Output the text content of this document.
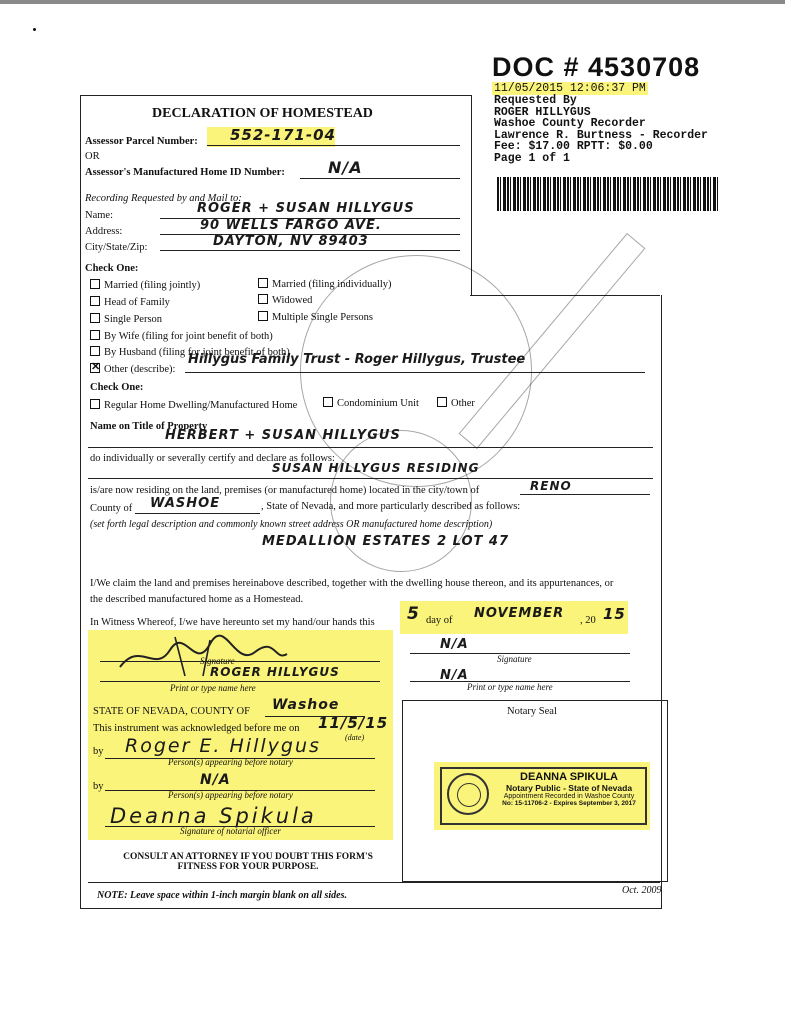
DOC # 4530708
11/05/2015 12:06:37 PM
Requested By
ROGER HILLYGUS
Washoe County Recorder
Lawrence R. Burtness - Recorder
Fee: $17.00 RPTT: $0.00
Page 1 of 1
DECLARATION OF HOMESTEAD
Assessor Parcel Number: 552-171-04
OR
Assessor's Manufactured Home ID Number:	N/A
Recording Requested by and Mail to:
Name:	ROGER + SUSAN HILLYGUS
Address:	90 WELLS FARGO AVE.
City/State/Zip:	DAYTON, NV 89403
Check One:
Married (filing jointly)	Married (filing individually)
Head of Family	Widowed
Single Person	Multiple Single Persons
By Wife (filing for joint benefit of both)
By Husband (filing for joint benefit of both)
✕ Other (describe):
Hillygus Family Trust - Roger Hillygus, Trustee
Check One:
Regular Home Dwelling/Manufactured Home	Condominium Unit	Other
Name on Title of Property
HERBERT + SUSAN HILLYGUS
do individually or severally certify and declare as follows:
SUSAN HILLYGUS RESIDING
is/are now residing on the land, premises (or manufactured home) located in the city/town of	RENO
County of WASHOE	, State of Nevada, and more particularly described as follows:
(set forth legal description and commonly known street address OR manufactured home description)
MEDALLION ESTATES 2 LOT 47
I/We claim the land and premises hereinabove described, together with the dwelling house thereon, and its appurtenances, or
the described manufactured home as a Homestead.
In Witness Whereof, I/we have hereunto set my hand/our hands this 5 day of NOVEMBER , 20 15
Signature
ROGER HILLYGUS
Print or type name here
STATE OF NEVADA, COUNTY OF Washoe
This instrument was acknowledged before me on 11/5/15
(date)
by Roger E. Hillygus
Person(s) appearing before notary
by	N/A
Person(s) appearing before notary
Deanna Spikula
Signature of notarial officer
N/A
Signature
N/A
Print or type name here
Notary Seal
DEANNA SPIKULA
Notary Public - State of Nevada
Appointment Recorded in Washoe County
No: 15-11706-2 - Expires September 3, 2017
CONSULT AN ATTORNEY IF YOU DOUBT THIS FORM'S
FITNESS FOR YOUR PURPOSE.
NOTE: Leave space within 1-inch margin blank on all sides.	Oct. 2009
